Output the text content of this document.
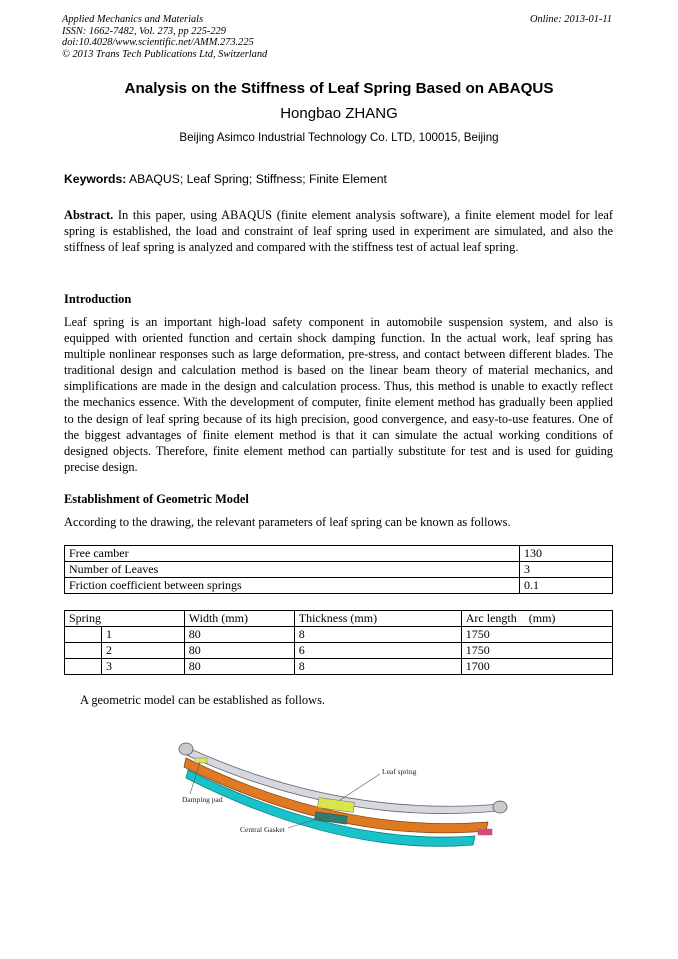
Applied Mechanics and Materials
ISSN: 1662-7482, Vol. 273, pp 225-229
doi:10.4028/www.scientific.net/AMM.273.225
© 2013 Trans Tech Publications Ltd, Switzerland
Online: 2013-01-11
Analysis on the Stiffness of Leaf Spring Based on ABAQUS
Hongbao ZHANG
Beijing Asimco Industrial Technology Co. LTD, 100015, Beijing
Keywords: ABAQUS; Leaf Spring; Stiffness; Finite Element
Abstract. In this paper, using ABAQUS (finite element analysis software), a finite element model for leaf spring is established, the load and constraint of leaf spring used in experiment are simulated, and also the stiffness of leaf spring is analyzed and compared with the stiffness test of actual leaf spring.
Introduction
Leaf spring is an important high-load safety component in automobile suspension system, and also is equipped with oriented function and certain shock damping function. In the actual work, leaf spring has multiple nonlinear responses such as large deformation, pre-stress, and contact between different blades. The traditional design and calculation method is based on the linear beam theory of material mechanics, and simplifications are made in the design and calculation process. Thus, this method is unable to exactly reflect the mechanics essence. With the development of computer, finite element method has gradually been applied to the design of leaf spring because of its high precision, good convergence, and easy-to-use features. One of the biggest advantages of finite element method is that it can simulate the actual working conditions of designed objects. Therefore, finite element method can partially substitute for test and is used for guiding precise design.
Establishment of Geometric Model
According to the drawing, the relevant parameters of leaf spring can be known as follows.
Free camber	130
Number of Leaves	3
Friction coefficient between springs	0.1
Spring		Width (mm)	Thickness (mm)	Arc length    (mm)
	1	80	8	1750
	2	80	6	1750
	3	80	8	1700
A geometric model can be established as follows.
Leaf spring
Damping pad
Central Gasket
